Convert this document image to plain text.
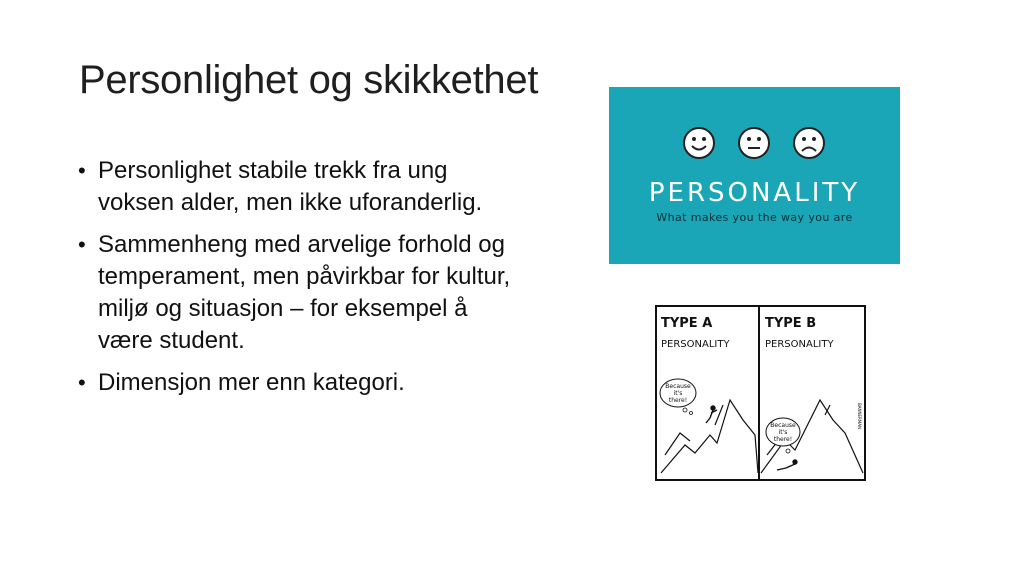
Personlighet og skikkethet
• Personlighet stabile trekk fra ung voksen alder, men ikke uforanderlig.
• Sammenheng med arvelige forhold og temperament, men påvirkbar for kultur, miljø og situasjon – for eksempel å være student.
• Dimensjon mer enn kategori.
PERSONALITY
What makes you the way you are
TYPE A
PERSONALITY
TYPE B
PERSONALITY
Because
it's
there!
Because
it's
there!
BANNERMAN
